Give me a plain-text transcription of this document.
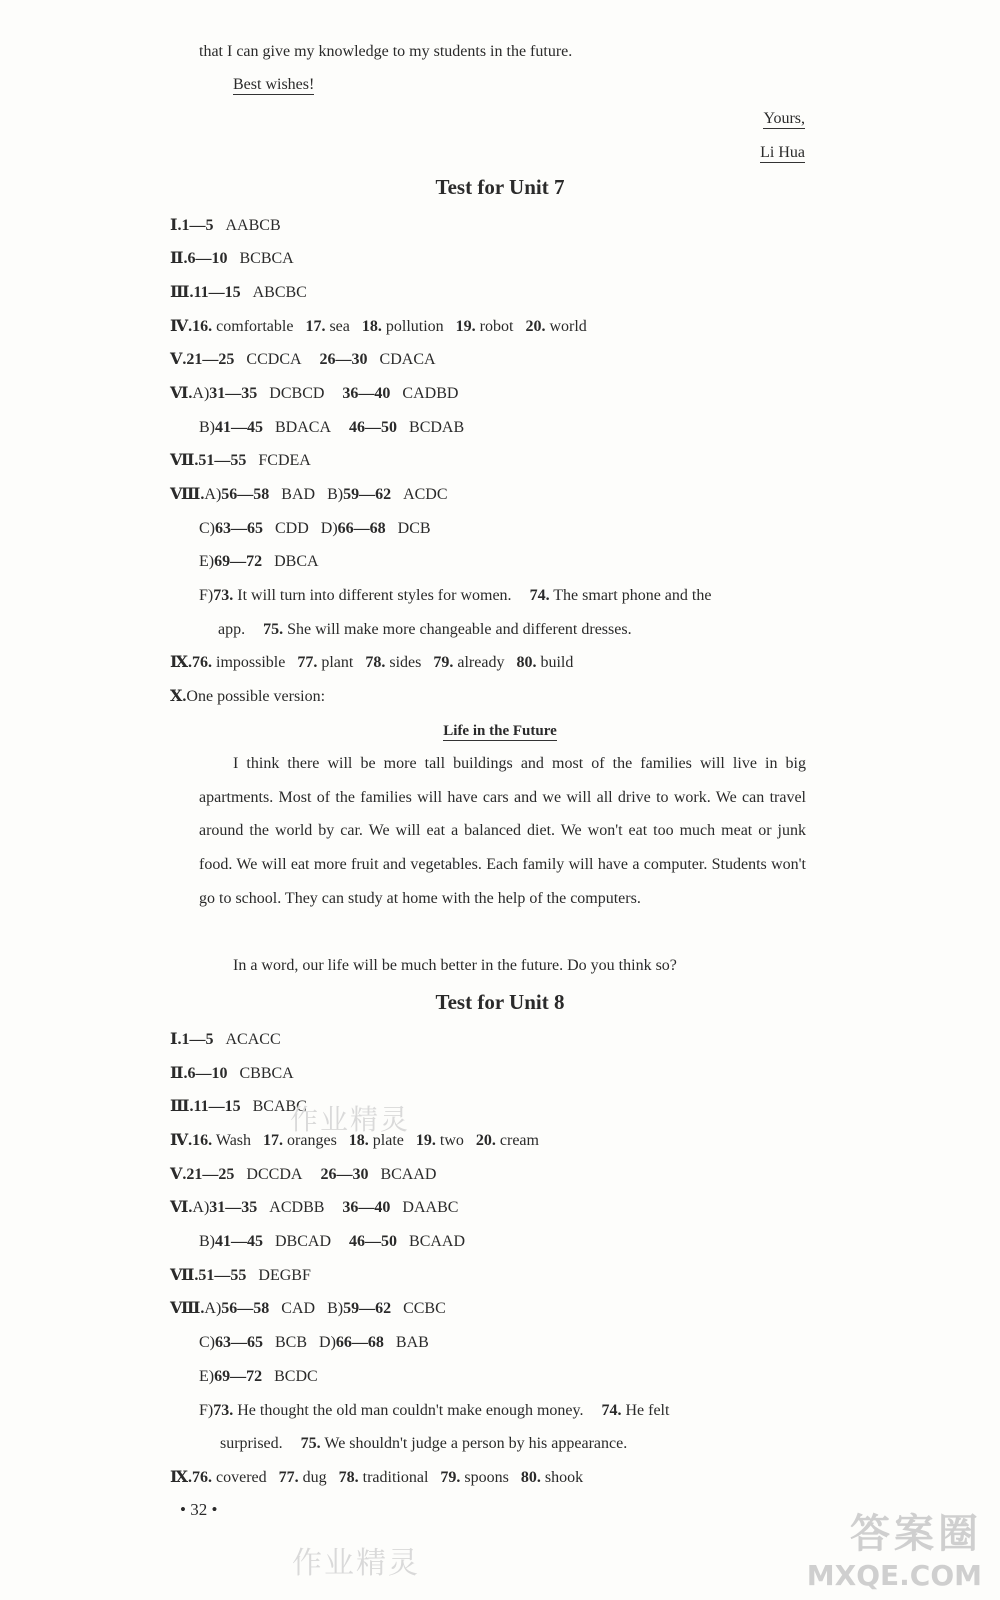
that I can give my knowledge to my students in the future.
Best wishes!
Yours,
Li Hua
Test for Unit 7
Ⅰ.1—5 AABCB
Ⅱ.6—10 BCBCA
Ⅲ.11—15 ABCBC
Ⅳ.16. comfortable 17. sea 18. pollution 19. robot 20. world
Ⅴ.21—25 CCDCA 26—30 CDACA
Ⅵ.A)31—35 DCBCD 36—40 CADBD
B)41—45 BDACA 46—50 BCDAB
Ⅶ.51—55 FCDEA
Ⅷ.A)56—58 BAD B)59—62 ACDC
C)63—65 CDD D)66—68 DCB
E)69—72 DBCA
F)73. It will turn into different styles for women. 74. The smart phone and the
app. 75. She will make more changeable and different dresses.
Ⅸ.76. impossible 77. plant 78. sides 79. already 80. build
Ⅹ.One possible version:
Life in the Future
I think there will be more tall buildings and most of the families will live in big apartments. Most of the families will have cars and we will all drive to work. We can travel around the world by car. We will eat a balanced diet. We won't eat too much meat or junk food. We will eat more fruit and vegetables. Each family will have a computer. Students won't go to school. They can study at home with the help of the computers.
In a word, our life will be much better in the future. Do you think so?
Test for Unit 8
Ⅰ.1—5 ACACC
Ⅱ.6—10 CBBCA
Ⅲ.11—15 BCABC
Ⅳ.16. Wash 17. oranges 18. plate 19. two 20. cream
Ⅴ.21—25 DCCDA 26—30 BCAAD
Ⅵ.A)31—35 ACDBB 36—40 DAABC
B)41—45 DBCAD 46—50 BCAAD
Ⅶ.51—55 DEGBF
Ⅷ.A)56—58 CAD B)59—62 CCBC
C)63—65 BCB D)66—68 BAB
E)69—72 BCDC
F)73. He thought the old man couldn't make enough money. 74. He felt
surprised. 75. We shouldn't judge a person by his appearance.
Ⅸ.76. covered 77. dug 78. traditional 79. spoons 80. shook
• 32 •
作业精灵
作业精灵
答案圈
MXQE.COM
